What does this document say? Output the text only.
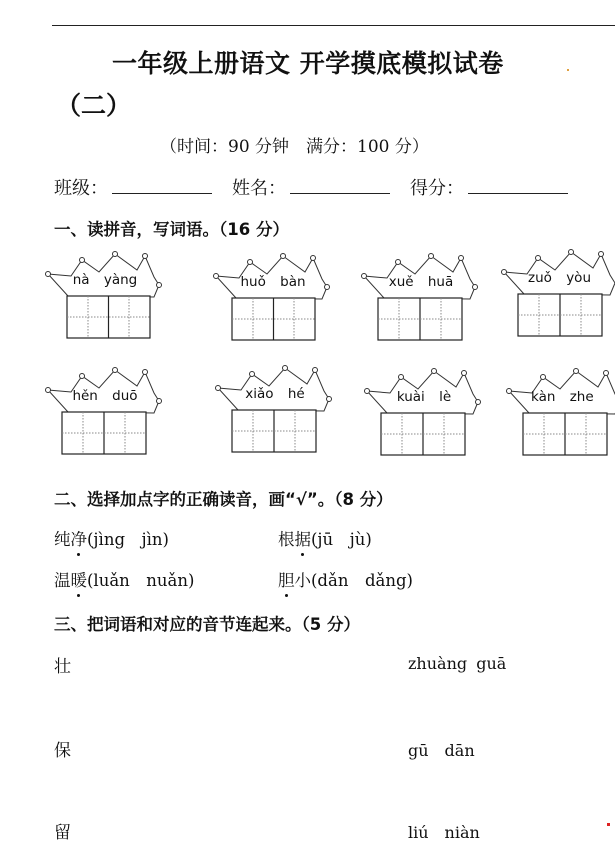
一年级上册语文 开学摸底模拟试卷
（二）
（时间：90 分钟　满分：100 分）
班级：	姓名：	得分：
一、读拼音，写词语。（16 分）
nà yàng	huǒ bàn	xuě huā	zuǒ yòu
hěn duō	xiǎo hé	kuài lè	kàn zhe
二、选择加点字的正确读音，画“√”。（8 分）
纯净(jìng　jìn)	根据(jū　jù)
温暖(luǎn　nuǎn)	胆小(dǎn　dǎng)
三、把词语和对应的音节连起来。（5 分）
壮	zhuàng guā
保	gū　dān
留	liú　niàn
